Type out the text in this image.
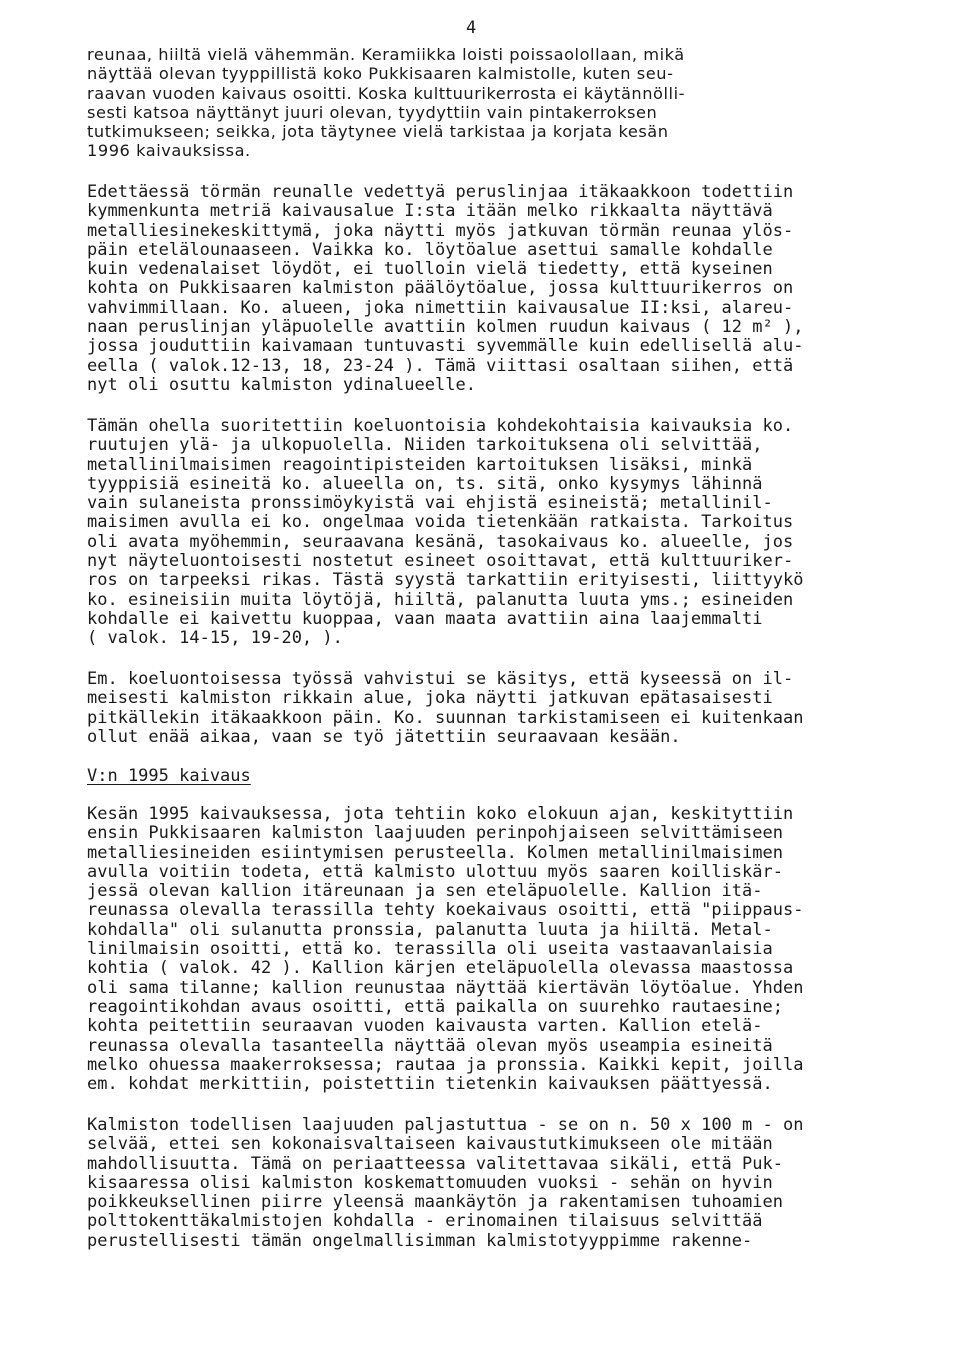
4
reunaa, hiiltä vielä vähemmän. Keramiikka loisti poissaolollaan, mikä
näyttää olevan tyyppillistä koko Pukkisaaren kalmistolle, kuten seu-
raavan vuoden kaivaus osoitti. Koska kulttuurikerrosta ei käytännölli-
sesti katsoa näyttänyt juuri olevan, tyydyttiin vain pintakerroksen
tutkimukseen; seikka, jota täytynee vielä tarkistaa ja korjata kesän
1996 kaivauksissa.
Edettäessä törmän reunalle vedettyä peruslinjaa itäkaakkoon todettiin
kymmenkunta metriä kaivausalue I:sta itään melko rikkaalta näyttävä
metalliesinekeskittymä, joka näytti myös jatkuvan törmän reunaa ylös-
päin etelälounaaseen. Vaikka ko. löytöalue asettui samalle kohdalle
kuin vedenalaiset löydöt, ei tuolloin vielä tiedetty, että kyseinen
kohta on Pukkisaaren kalmiston päälöytöalue, jossa kulttuurikerros on
vahvimmillaan. Ko. alueen, joka nimettiin kaivausalue II:ksi, alareu-
naan peruslinjan yläpuolelle avattiin kolmen ruudun kaivaus ( 12 m² ),
jossa jouduttiin kaivamaan tuntuvasti syvemmälle kuin edellisellä alu-
eella ( valok.12-13, 18, 23-24 ). Tämä viittasi osaltaan siihen, että
nyt oli osuttu kalmiston ydinalueelle.
Tämän ohella suoritettiin koeluontoisia kohdekohtaisia kaivauksia ko.
ruutujen ylä- ja ulkopuolella. Niiden tarkoituksena oli selvittää,
metallinilmaisimen reagointipisteiden kartoituksen lisäksi, minkä
tyyppisiä esineitä ko. alueella on, ts. sitä, onko kysymys lähinnä
vain sulaneista pronssimöykyistä vai ehjistä esineistä; metallinil-
maisimen avulla ei ko. ongelmaa voida tietenkään ratkaista. Tarkoitus
oli avata myöhemmin, seuraavana kesänä, tasokaivaus ko. alueelle, jos
nyt näyteluontoisesti nostetut esineet osoittavat, että kulttuuriker-
ros on tarpeeksi rikas. Tästä syystä tarkattiin erityisesti, liittyykö
ko. esineisiin muita löytöjä, hiiltä, palanutta luuta yms.; esineiden
kohdalle ei kaivettu kuoppaa, vaan maata avattiin aina laajemmalti
( valok. 14-15, 19-20, ).
Em. koeluontoisessa työssä vahvistui se käsitys, että kyseessä on il-
meisesti kalmiston rikkain alue, joka näytti jatkuvan epätasaisesti
pitkällekin itäkaakkoon päin. Ko. suunnan tarkistamiseen ei kuitenkaan
ollut enää aikaa, vaan se työ jätettiin seuraavaan kesään.
V:n 1995 kaivaus
Kesän 1995 kaivauksessa, jota tehtiin koko elokuun ajan, keskityttiin
ensin Pukkisaaren kalmiston laajuuden perinpohjaiseen selvittämiseen
metalliesineiden esiintymisen perusteella. Kolmen metallinilmaisimen
avulla voitiin todeta, että kalmisto ulottuu myös saaren koilliskär-
jessä olevan kallion itäreunaan ja sen eteläpuolelle. Kallion itä-
reunassa olevalla terassilla tehty koekaivaus osoitti, että "piippaus-
kohdalla" oli sulanutta pronssia, palanutta luuta ja hiiltä. Metal-
linilmaisin osoitti, että ko. terassilla oli useita vastaavanlaisia
kohtia ( valok. 42 ). Kallion kärjen eteläpuolella olevassa maastossa
oli sama tilanne; kallion reunustaa näyttää kiertävän löytöalue. Yhden
reagointikohdan avaus osoitti, että paikalla on suurehko rautaesine;
kohta peitettiin seuraavan vuoden kaivausta varten. Kallion etelä-
reunassa olevalla tasanteella näyttää olevan myös useampia esineitä
melko ohuessa maakerroksessa; rautaa ja pronssia. Kaikki kepit, joilla
em. kohdat merkittiin, poistettiin tietenkin kaivauksen päättyessä.
Kalmiston todellisen laajuuden paljastuttua - se on n. 50 x 100 m - on
selvää, ettei sen kokonaisvaltaiseen kaivaustutkimukseen ole mitään
mahdollisuutta. Tämä on periaatteessa valitettavaa sikäli, että Puk-
kisaaressa olisi kalmiston koskemattomuuden vuoksi - sehän on hyvin
poikkeuksellinen piirre yleensä maankäytön ja rakentamisen tuhoamien
polttokenttäkalmistojen kohdalla - erinomainen tilaisuus selvittää
perustellisesti tämän ongelmallisimman kalmistotyyppimme rakenne-
